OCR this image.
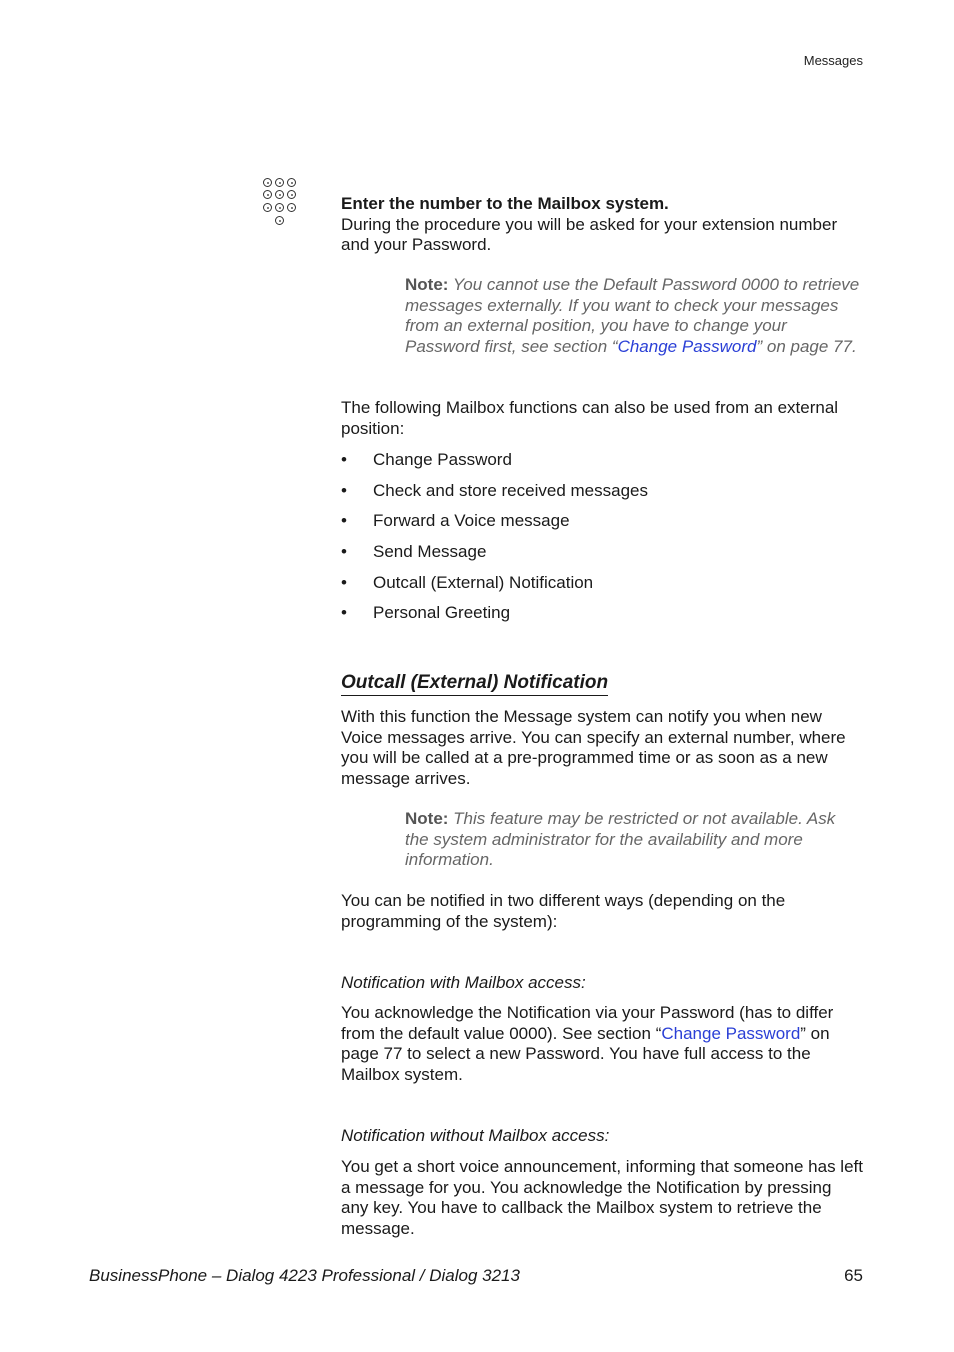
Messages
Enter the number to the Mailbox system.
During the procedure you will be asked for your extension number and your Password.
Note: You cannot use the Default Password 0000 to retrieve messages externally. If you want to check your messages from an external position, you have to change your Password first, see section “Change Password” on page 77.
The following Mailbox functions can also be used from an external position:
• Change Password
• Check and store received messages
• Forward a Voice message
• Send Message
• Outcall (External) Notification
• Personal Greeting
Outcall (External) Notification
With this function the Message system can notify you when new Voice messages arrive. You can specify an external number, where you will be called at a pre-programmed time or as soon as a new message arrives.
Note: This feature may be restricted or not available. Ask the system administrator for the availability and more information.
You can be notified in two different ways (depending on the programming of the system):
Notification with Mailbox access:
You acknowledge the Notification via your Password (has to differ from the default value 0000). See section “Change Password” on page 77 to select a new Password. You have full access to the Mailbox system.
Notification without Mailbox access:
You get a short voice announcement, informing that someone has left a message for you. You acknowledge the Notification by pressing any key. You have to callback the Mailbox system to retrieve the message.
BusinessPhone – Dialog 4223 Professional / Dialog 3213	65
